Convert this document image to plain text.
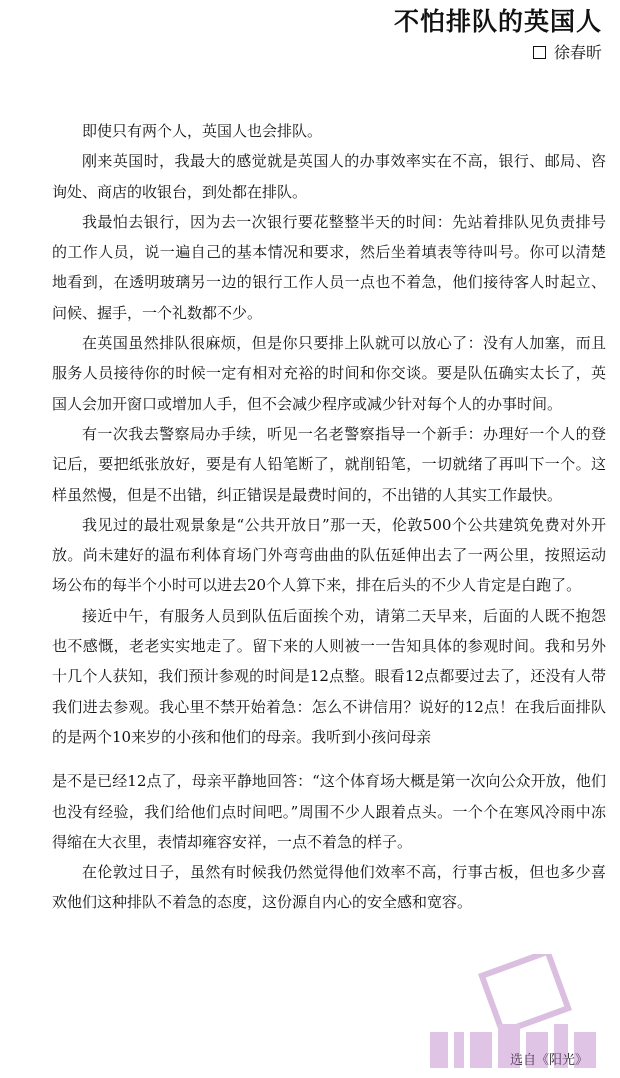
不怕排队的英国人
徐春昕

即使只有两个人，英国人也会排队。

刚来英国时，我最大的感觉就是英国人的办事效率实在不高，银行、邮局、咨询处、商店的收银台，到处都在排队。

我最怕去银行，因为去一次银行要花整整半天的时间：先站着排队见负责排号的工作人员，说一遍自己的基本情况和要求，然后坐着填表等待叫号。你可以清楚地看到，在透明玻璃另一边的银行工作人员一点也不着急，他们接待客人时起立、问候、握手，一个礼数都不少。

在英国虽然排队很麻烦，但是你只要排上队就可以放心了：没有人加塞，而且服务人员接待你的时候一定有相对充裕的时间和你交谈。要是队伍确实太长了，英国人会加开窗口或增加人手，但不会减少程序或减少针对每个人的办事时间。

有一次我去警察局办手续，听见一名老警察指导一个新手：办理好一个人的登记后，要把纸张放好，要是有人铅笔断了，就削铅笔，一切就绪了再叫下一个。这样虽然慢，但是不出错，纠正错误是最费时间的，不出错的人其实工作最快。

我见过的最壮观景象是“公共开放日”那一天，伦敦500个公共建筑免费对外开放。尚未建好的温布利体育场门外弯弯曲曲的队伍延伸出去了一两公里，按照运动场公布的每半个小时可以进去20个人算下来，排在后头的不少人肯定是白跑了。

接近中午，有服务人员到队伍后面挨个劝，请第二天早来，后面的人既不抱怨也不感慨，老老实实地走了。留下来的人则被一一告知具体的参观时间。我和另外十几个人获知，我们预计参观的时间是12点整。眼看12点都要过去了，还没有人带我们进去参观。我心里不禁开始着急：怎么不讲信用？说好的12点！在我后面排队的是两个10来岁的小孩和他们的母亲。我听到小孩问母亲

是不是已经12点了，母亲平静地回答：“这个体育场大概是第一次向公众开放，他们也没有经验，我们给他们点时间吧。”周围不少人跟着点头。一个个在寒风冷雨中冻得缩在大衣里，表情却雍容安祥，一点不着急的样子。

在伦敦过日子，虽然有时候我仍然觉得他们效率不高，行事古板，但也多少喜欢他们这种排队不着急的态度，这份源自内心的安全感和宽容。

选自《阳光》
